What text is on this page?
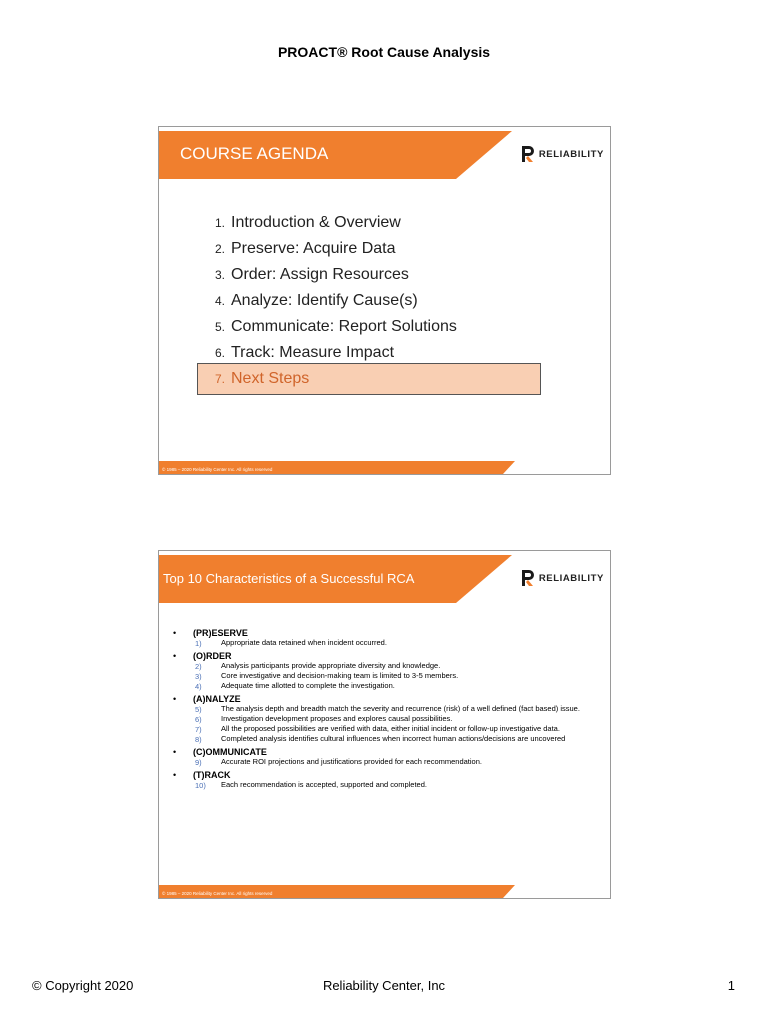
PROACT® Root Cause Analysis
COURSE AGENDA	RELIABILITY
1. Introduction & Overview
2. Preserve: Acquire Data
3. Order: Assign Resources
4. Analyze: Identify Cause(s)
5. Communicate: Report Solutions
6. Track: Measure Impact
7. Next Steps
© 1985 – 2020 Reliability Center Inc. All rights reserved
Top 10 Characteristics of a Successful RCA	RELIABILITY
•	(PR)ESERVE
1)	Appropriate data retained when incident occurred.
•	(O)RDER
2)	Analysis participants provide appropriate diversity and knowledge.
3)	Core investigative and decision-making team is limited to 3-5 members.
4)	Adequate time allotted to complete the investigation.
•	(A)NALYZE
5)	The analysis depth and breadth match the severity and recurrence (risk) of a well defined (fact based) issue.
6)	Investigation development proposes and explores causal possibilities.
7)	All the proposed possibilities are verified with data, either initial incident or follow-up investigative data.
8)	Completed analysis identifies cultural influences when incorrect human actions/decisions are uncovered
•	(C)OMMUNICATE
9)	Accurate ROI projections and justifications provided for each recommendation.
•	(T)RACK
10)	Each recommendation is accepted, supported and completed.
© 1985 – 2020 Reliability Center Inc. All rights reserved
© Copyright 2020	Reliability Center, Inc	1
